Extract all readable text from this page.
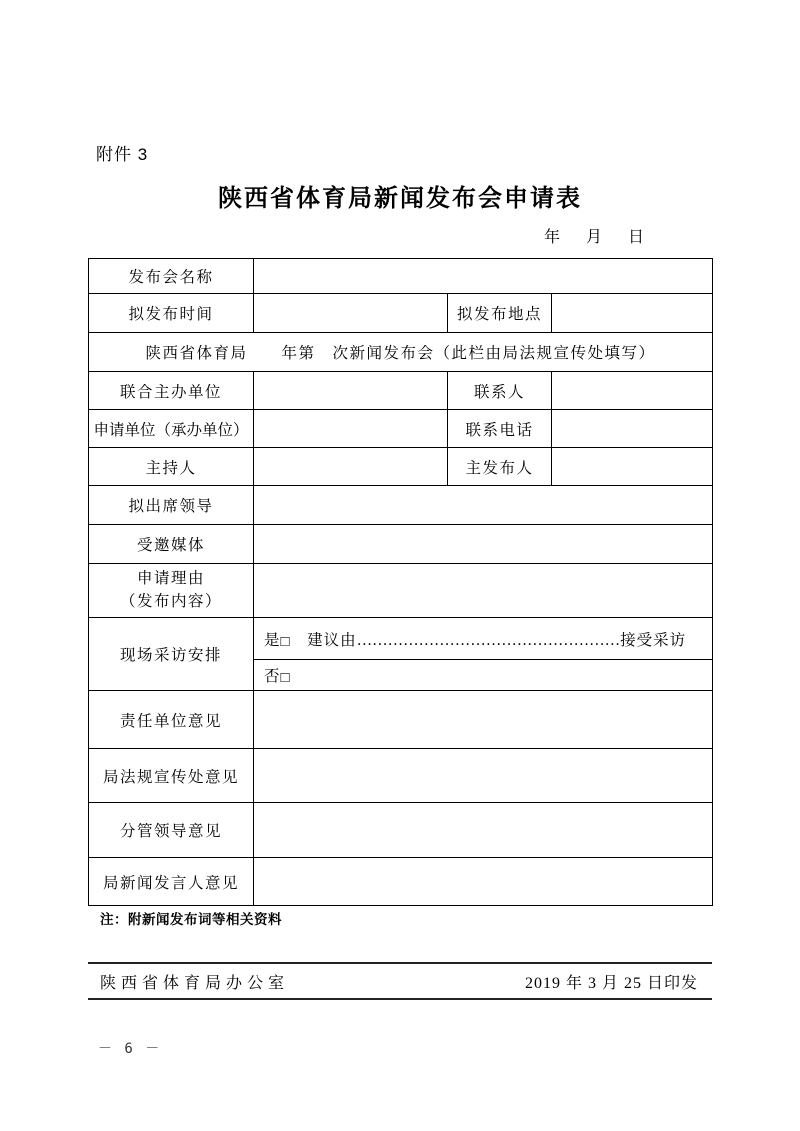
附件 3
陕西省体育局新闻发布会申请表
年　 月　 日
发布会名称			
拟发布时间		拟发布地点	
陕西省体育局　　年第　次新闻发布会（此栏由局法规宣传处填写）			
联合主办单位		联系人	
申请单位（承办单位）		联系电话	
主持人		主发布人	
拟出席领导			
受邀媒体			

申请理由
（发布内容）			

现场采访安排	是□　建议由……………………………………………接受采访		
	否□		
责任单位意见			
局法规宣传处意见			
分管领导意见			
局新闻发言人意见			
注：附新闻发布词等相关资料
陕西省体育局办公室	2019 年 3 月 25 日印发
－ 6 －
